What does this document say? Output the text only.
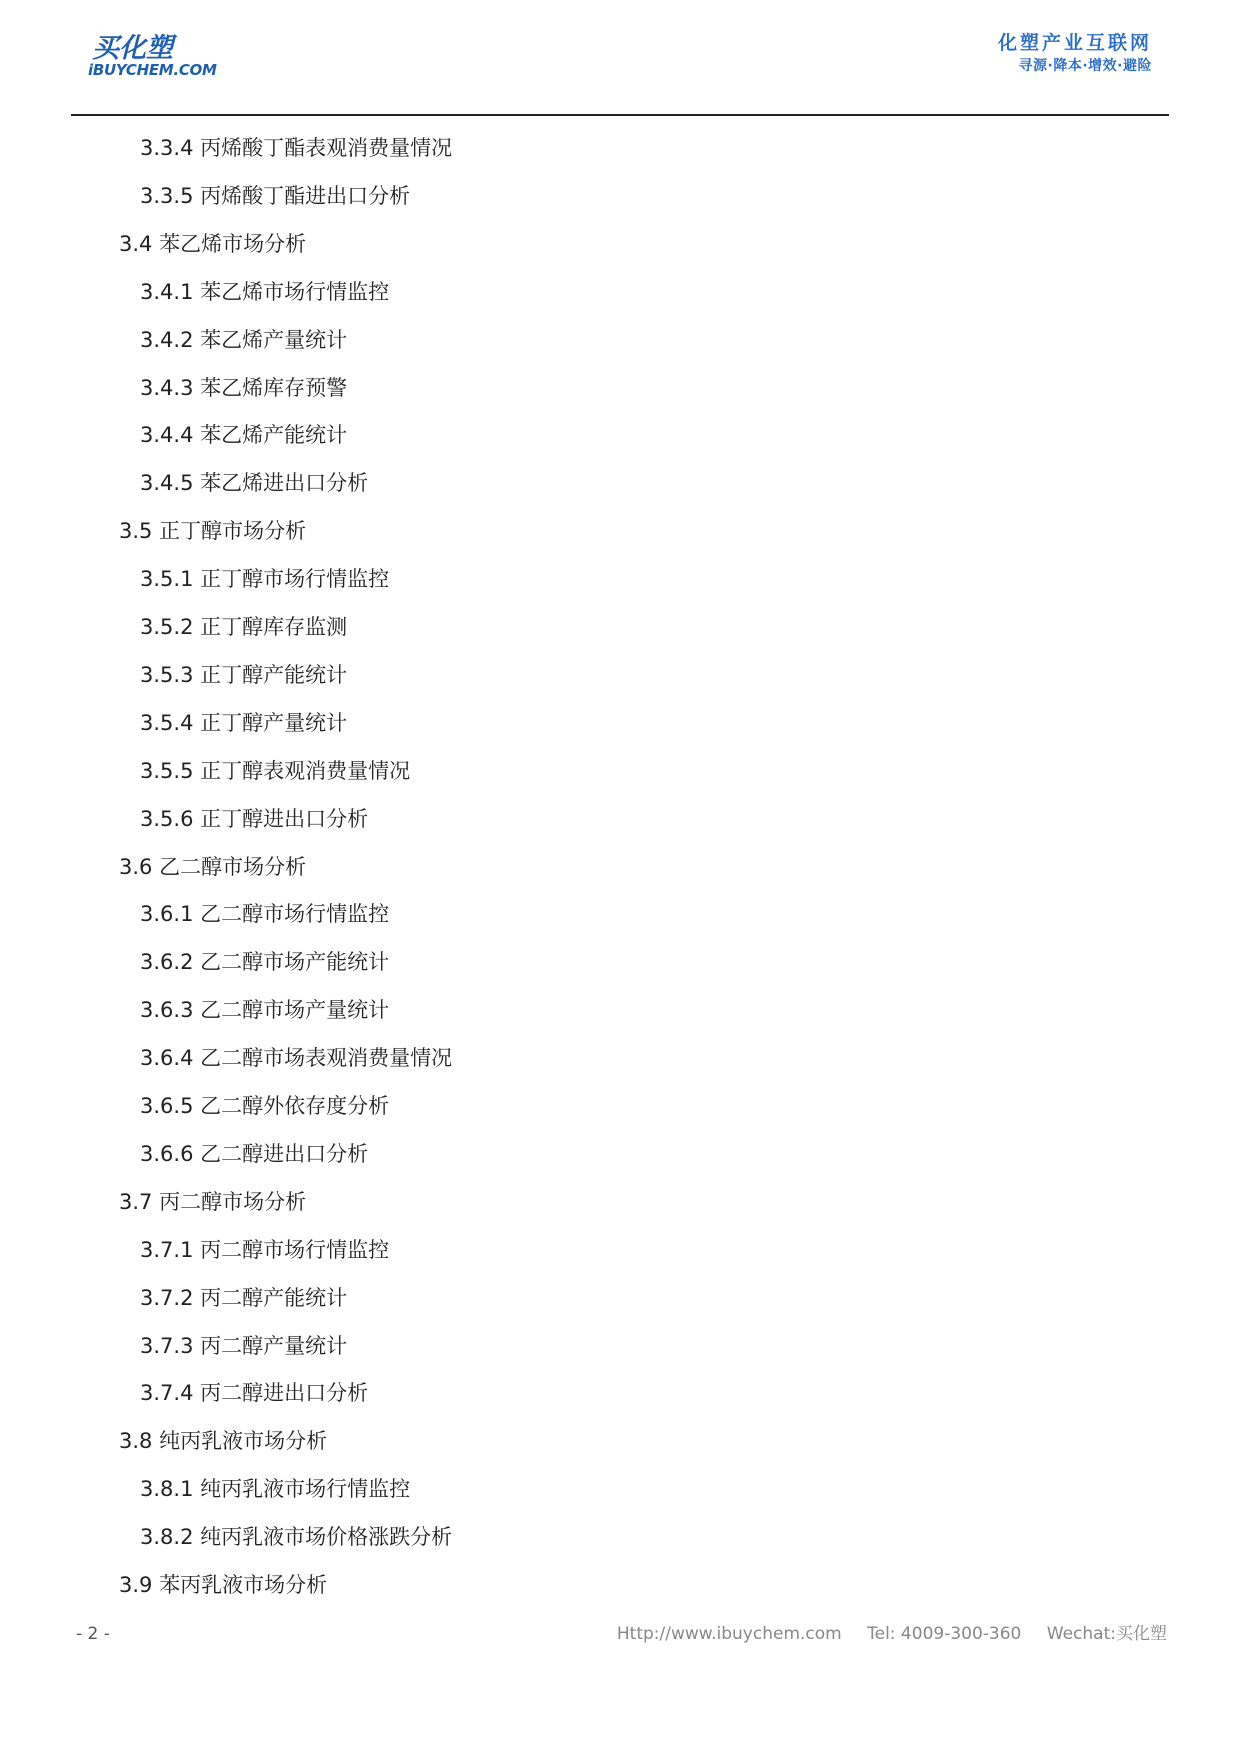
买化塑
iBUYCHEM.COM
化塑产业互联网
寻源·降本·增效·避险
3.3.4 丙烯酸丁酯表观消费量情况
3.3.5 丙烯酸丁酯进出口分析
3.4 苯乙烯市场分析
3.4.1 苯乙烯市场行情监控
3.4.2 苯乙烯产量统计
3.4.3 苯乙烯库存预警
3.4.4 苯乙烯产能统计
3.4.5 苯乙烯进出口分析
3.5 正丁醇市场分析
3.5.1 正丁醇市场行情监控
3.5.2 正丁醇库存监测
3.5.3 正丁醇产能统计
3.5.4 正丁醇产量统计
3.5.5 正丁醇表观消费量情况
3.5.6 正丁醇进出口分析
3.6 乙二醇市场分析
3.6.1 乙二醇市场行情监控
3.6.2 乙二醇市场产能统计
3.6.3 乙二醇市场产量统计
3.6.4 乙二醇市场表观消费量情况
3.6.5 乙二醇外依存度分析
3.6.6 乙二醇进出口分析
3.7 丙二醇市场分析
3.7.1 丙二醇市场行情监控
3.7.2 丙二醇产能统计
3.7.3 丙二醇产量统计
3.7.4 丙二醇进出口分析
3.8 纯丙乳液市场分析
3.8.1 纯丙乳液市场行情监控
3.8.2 纯丙乳液市场价格涨跌分析
3.9 苯丙乳液市场分析
- 2 -	Http://www.ibuychem.com Tel: 4009-300-360 Wechat:买化塑
